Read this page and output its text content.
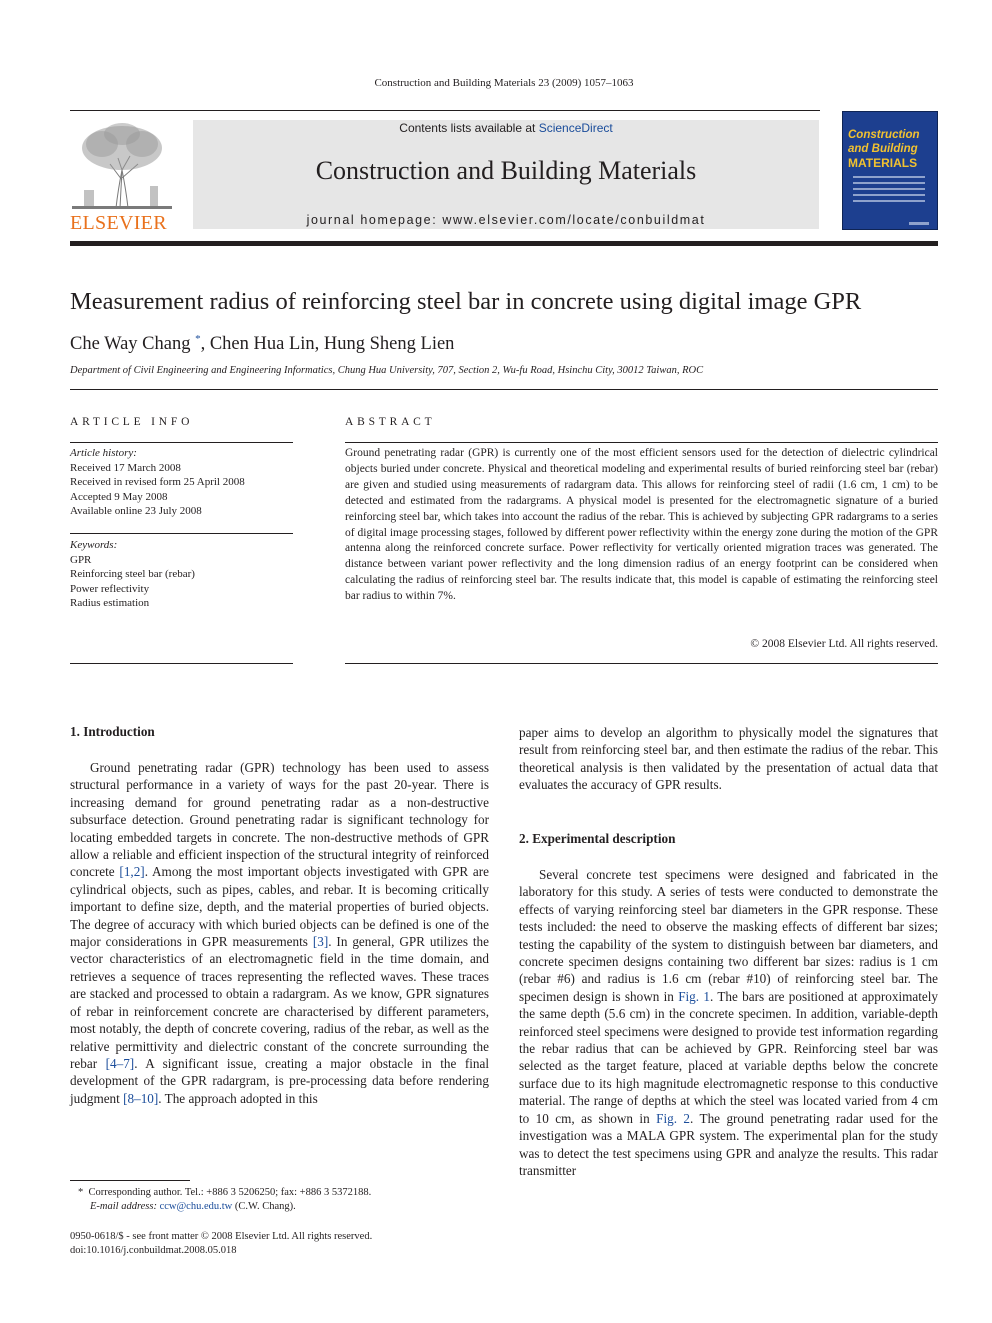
Construction and Building Materials 23 (2009) 1057–1063
ELSEVIER
Contents lists available at ScienceDirect
Construction and Building Materials
journal homepage: www.elsevier.com/locate/conbuildmat
Construction
and Building
MATERIALS
Measurement radius of reinforcing steel bar in concrete using digital image GPR
Che Way Chang *, Chen Hua Lin, Hung Sheng Lien
Department of Civil Engineering and Engineering Informatics, Chung Hua University, 707, Section 2, Wu-fu Road, Hsinchu City, 30012 Taiwan, ROC
ARTICLE INFO
Article history:
Received 17 March 2008
Received in revised form 25 April 2008
Accepted 9 May 2008
Available online 23 July 2008
Keywords:
GPR
Reinforcing steel bar (rebar)
Power reflectivity
Radius estimation
ABSTRACT
Ground penetrating radar (GPR) is currently one of the most efficient sensors used for the detection of dielectric cylindrical objects buried under concrete. Physical and theoretical modeling and experimental results of buried reinforcing steel bar (rebar) are given and studied using measurements of radargram data. This allows for reinforcing steel of radii (1.6 cm, 1 cm) to be detected and estimated from the radargrams. A physical model is presented for the electromagnetic signature of a buried reinforcing steel bar, which takes into account the radius of the rebar. This is achieved by subjecting GPR radargrams to a series of digital image processing stages, followed by different power reflectivity within the energy zone during the motion of the GPR antenna along the reinforced concrete surface. Power reflectivity for vertically oriented migration traces was generated. The distance between variant power reflectivity and the long dimension radius of an energy footprint can be considered when calculating the radius of reinforcing steel bar. The results indicate that, this model is capable of estimating the reinforcing steel bar radius to within 7%.
© 2008 Elsevier Ltd. All rights reserved.
1. Introduction

Ground penetrating radar (GPR) technology has been used to assess structural performance in a variety of ways for the past 20-year. There is increasing demand for ground penetrating radar as a non-destructive subsurface detection. Ground penetrating radar is significant technology for locating embedded targets in concrete. The non-destructive methods of GPR allow a reliable and efficient inspection of the structural integrity of reinforced concrete [1,2]. Among the most important objects investigated with GPR are cylindrical objects, such as pipes, cables, and rebar. It is becoming critically important to define size, depth, and the material properties of buried objects. The degree of accuracy with which buried objects can be defined is one of the major considerations in GPR measurements [3]. In general, GPR utilizes the vector characteristics of an electromagnetic field in the time domain, and retrieves a sequence of traces representing the reflected waves. These traces are stacked and processed to obtain a radargram. As we know, GPR signatures of rebar in reinforcement concrete are characterised by different parameters, most notably, the depth of concrete covering, radius of the rebar, as well as the relative permittivity and dielectric constant of the concrete surrounding the rebar [4–7]. A significant issue, creating a major obstacle in the final development of the GPR radargram, is pre-processing data before rendering judgment [8–10]. The approach adopted in this

* Corresponding author. Tel.: +886 3 5206250; fax: +886 3 5372188.
E-mail address: ccw@chu.edu.tw (C.W. Chang).
0950-0618/$ - see front matter © 2008 Elsevier Ltd. All rights reserved.
doi:10.1016/j.conbuildmat.2008.05.018

paper aims to develop an algorithm to physically model the signatures that result from reinforcing steel bar, and then estimate the radius of the rebar. This theoretical analysis is then validated by the presentation of actual data that evaluates the accuracy of GPR results.

2. Experimental description

Several concrete test specimens were designed and fabricated in the laboratory for this study. A series of tests were conducted to demonstrate the effects of varying reinforcing steel bar diameters in the GPR response. These tests included: the need to observe the masking effects of different bar sizes; testing the capability of the system to distinguish between bar diameters, and concrete specimen designs containing two different bar sizes: radius is 1 cm (rebar #6) and radius is 1.6 cm (rebar #10) of reinforcing steel bar. The specimen design is shown in Fig. 1. The bars are positioned at approximately the same depth (5.6 cm) in the concrete specimen. In addition, variable-depth reinforced steel specimens were designed to provide test information regarding the rebar radius that can be achieved by GPR. Reinforcing steel bar was selected as the target feature, placed at variable depths below the concrete surface due to its high magnitude electromagnetic response to this conductive material. The range of depths at which the steel was located varied from 4 cm to 10 cm, as shown in Fig. 2. The ground penetrating radar used for the investigation was a MALA GPR system. The experimental plan for the study was to detect the test specimens using GPR and analyze the results. This radar transmitter
